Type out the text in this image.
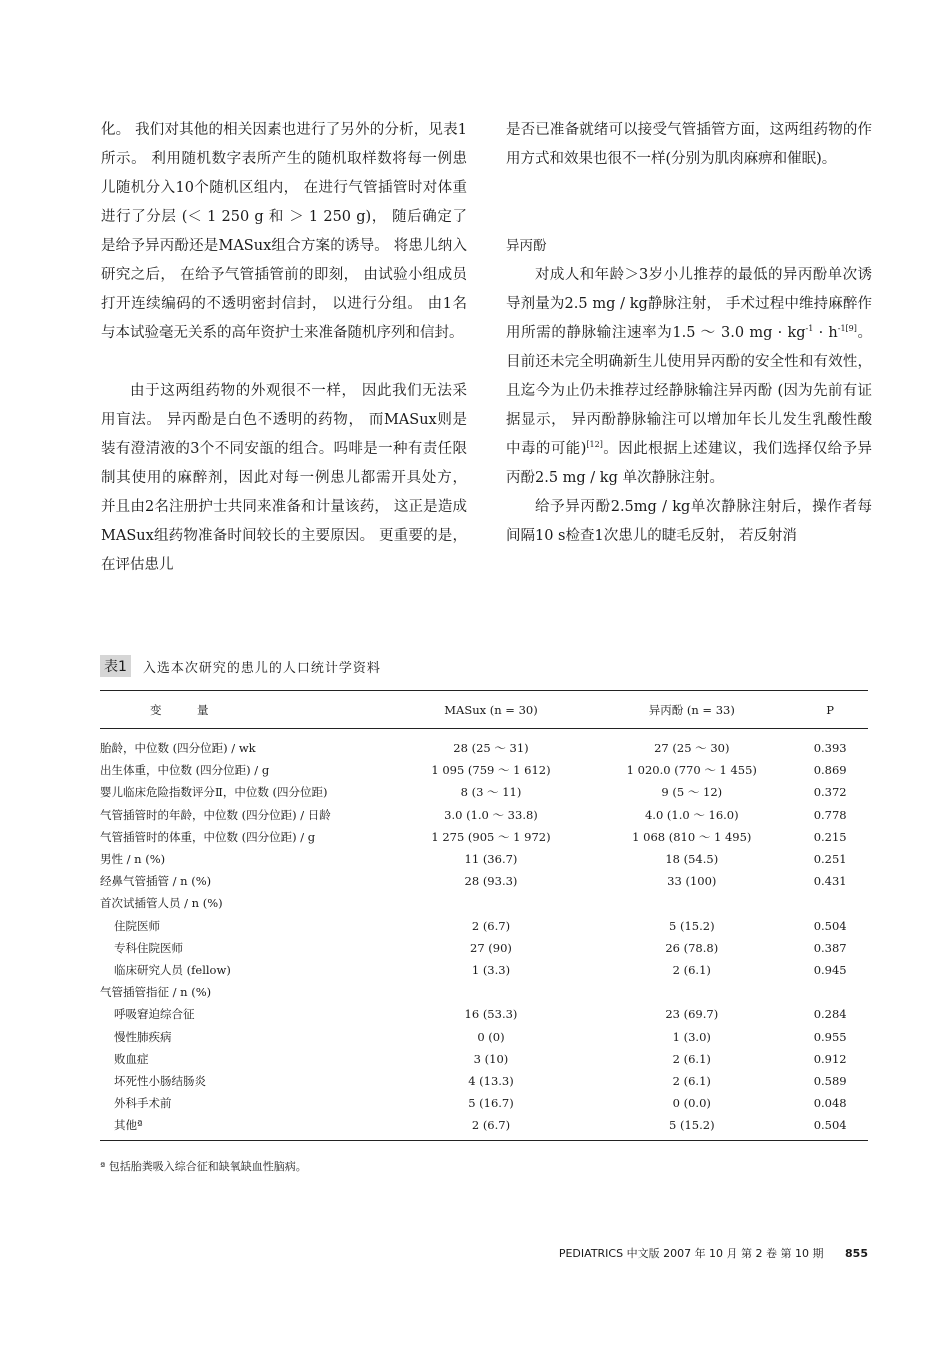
化。 我们对其他的相关因素也进行了另外的分析，见表1所示。 利用随机数字表所产生的随机取样数将每一例患儿随机分入10个随机区组内， 在进行气管插管时对体重进行了分层 (＜ 1 250 g 和 ＞ 1 250 g)， 随后确定了是给予异丙酚还是MASux组合方案的诱导。 将患儿纳入研究之后， 在给予气管插管前的即刻， 由试验小组成员打开连续编码的不透明密封信封， 以进行分组。 由1名与本试验毫无关系的高年资护士来准备随机序列和信封。

由于这两组药物的外观很不一样， 因此我们无法采用盲法。 异丙酚是白色不透明的药物， 而MASux则是装有澄清液的3个不同安瓿的组合。吗啡是一种有责任限制其使用的麻醉剂，因此对每一例患儿都需开具处方， 并且由2名注册护士共同来准备和计量该药， 这正是造成MASux组药物准备时间较长的主要原因。 更重要的是， 在评估患儿

是否已准备就绪可以接受气管插管方面，这两组药物的作用方式和效果也很不一样(分别为肌肉麻痹和催眠)。

异丙酚

对成人和年龄＞3岁小儿推荐的最低的异丙酚单次诱导剂量为2.5 mg / kg静脉注射， 手术过程中维持麻醉作用所需的静脉输注速率为1.5 ～ 3.0 mg · $kg^{-1} \cdot h^{-1[9]}$。 目前还未完全明确新生儿使用异丙酚的安全性和有效性， 且迄今为止仍未推荐过经静脉输注异丙酚 (因为先前有证据显示， 异丙酚静脉输注可以增加年长儿发生乳酸性酸中毒的可能)[12]。因此根据上述建议，我们选择仅给予异丙酚2.5 mg / kg 单次静脉注射。

给予异丙酚2.5mg / kg单次静脉注射后，操作者每间隔10 s检查1次患儿的睫毛反射， 若反射消

表1	入选本次研究的患儿的人口统计学资料
变　量	MASux (n = 30)	异丙酚 (n = 33)	P
胎龄，中位数 (四分位距) / wk	28 (25 ～ 31)	27 (25 ～ 30)	0.393
出生体重，中位数 (四分位距) / g	1 095 (759 ～ 1 612)	1 020.0 (770 ～ 1 455)	0.869
婴儿临床危险指数评分Ⅱ，中位数 (四分位距)	8 (3 ～ 11)	9 (5 ～ 12)	0.372
气管插管时的年龄，中位数 (四分位距) / 日龄	3.0 (1.0 ～ 33.8)	4.0 (1.0 ～ 16.0)	0.778
气管插管时的体重，中位数 (四分位距) / g	1 275 (905 ～ 1 972)	1 068 (810 ～ 1 495)	0.215
男性 / n (%)	11 (36.7)	18 (54.5)	0.251
经鼻气管插管 / n (%)	28 (93.3)	33 (100)	0.431
首次试插管人员 / n (%)			
住院医师	2 (6.7)	5 (15.2)	0.504
专科住院医师	27 (90)	26 (78.8)	0.387
临床研究人员 (fellow)	1 (3.3)	2 (6.1)	0.945
气管插管指征 / n (%)			
呼吸窘迫综合征	16 (53.3)	23 (69.7)	0.284
慢性肺疾病	0 (0)	1 (3.0)	0.955
败血症	3 (10)	2 (6.1)	0.912
坏死性小肠结肠炎	4 (13.3)	2 (6.1)	0.589
外科手术前	5 (16.7)	0 (0.0)	0.048
其他ª	2 (6.7)	5 (15.2)	0.504
ª 包括胎粪吸入综合征和缺氧缺血性脑病。
PEDIATRICS 中文版 2007 年 10 月 第 2 卷 第 10 期 855
